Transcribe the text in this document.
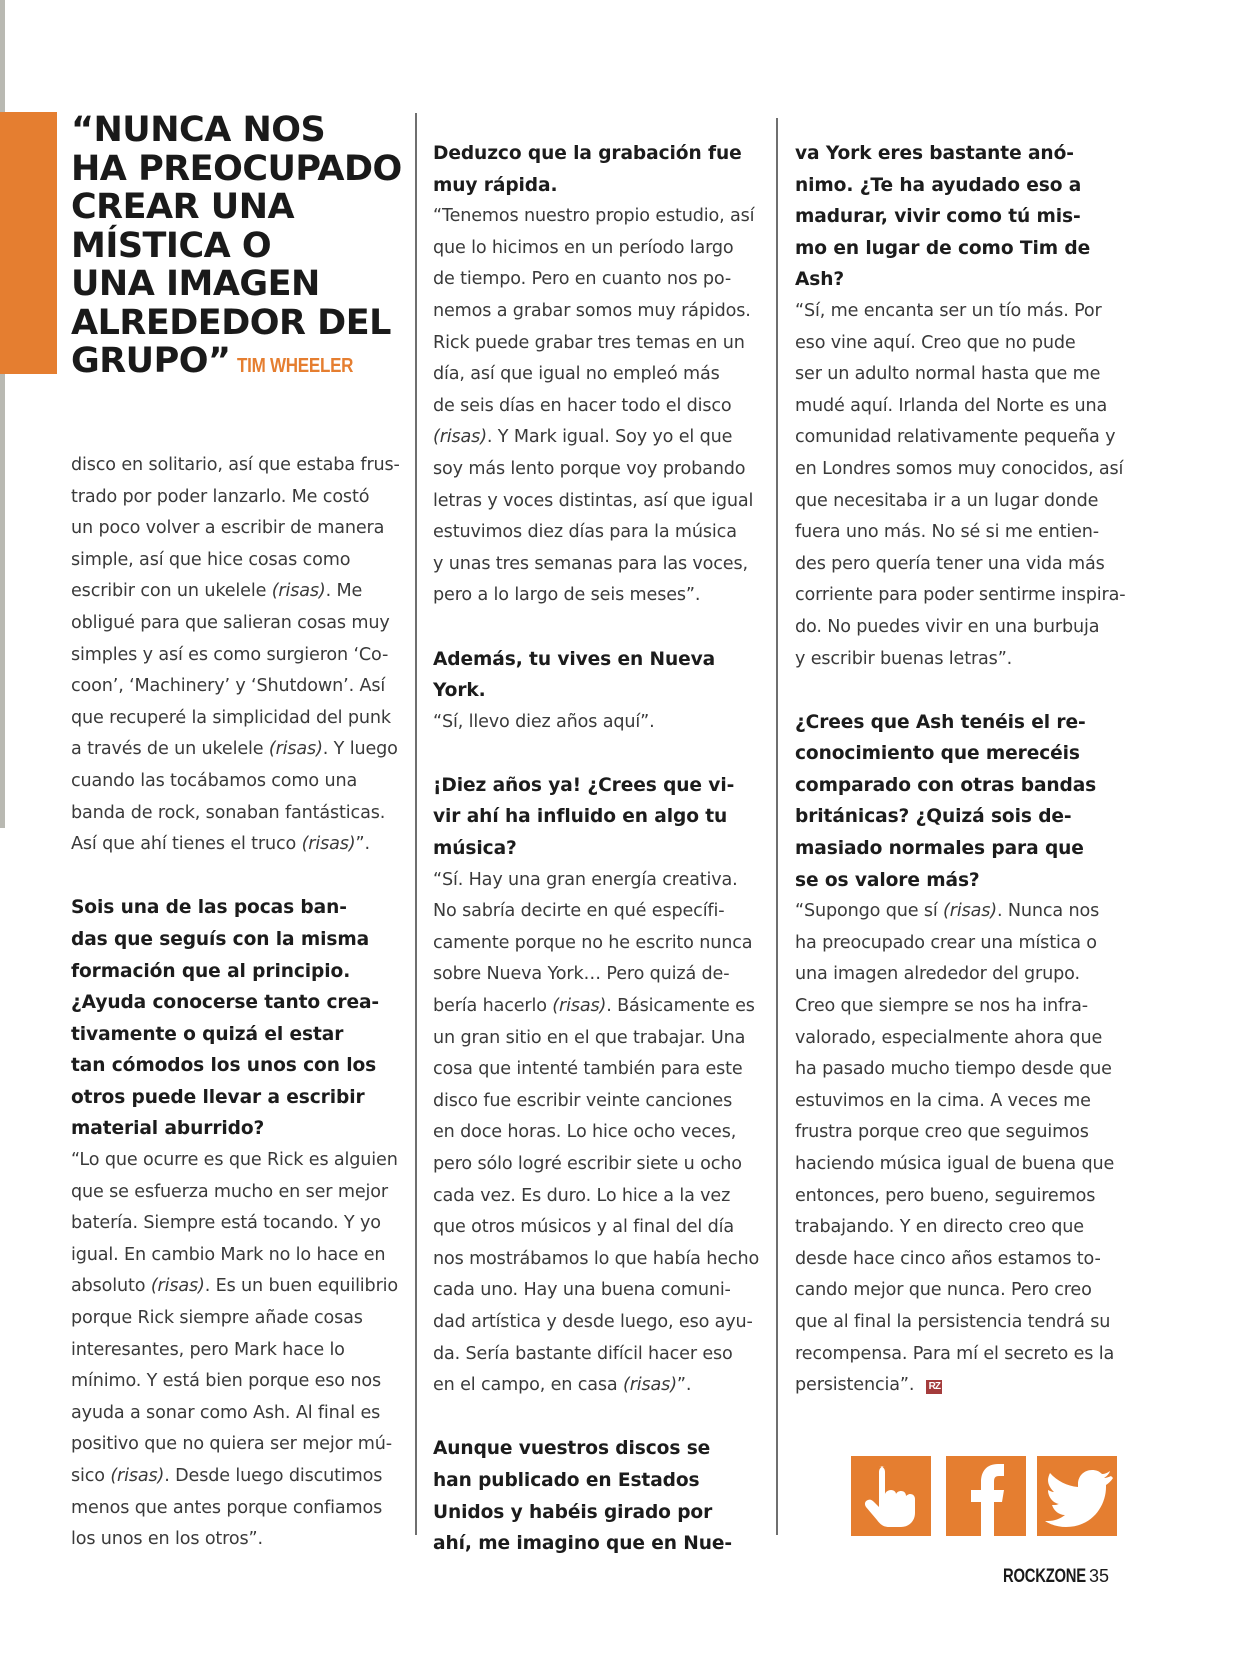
“NUNCA NOS
HA PREOCUPADO
CREAR UNA
MÍSTICA O
UNA IMAGEN
ALREDEDOR DEL
GRUPO” TIM WHEELER
disco en solitario, así que estaba frus-
trado por poder lanzarlo. Me costó
un poco volver a escribir de manera
simple, así que hice cosas como
escribir con un ukelele (risas). Me
obligué para que salieran cosas muy
simples y así es como surgieron ‘Co-
coon’, ‘Machinery’ y ‘Shutdown’. Así
que recuperé la simplicidad del punk
a través de un ukelele (risas). Y luego
cuando las tocábamos como una
banda de rock, sonaban fantásticas.
Así que ahí tienes el truco (risas)”.
Sois una de las pocas ban-
das que seguís con la misma
formación que al principio.
¿Ayuda conocerse tanto crea-
tivamente o quizá el estar
tan cómodos los unos con los
otros puede llevar a escribir
material aburrido?
“Lo que ocurre es que Rick es alguien
que se esfuerza mucho en ser mejor
batería. Siempre está tocando. Y yo
igual. En cambio Mark no lo hace en
absoluto (risas). Es un buen equilibrio
porque Rick siempre añade cosas
interesantes, pero Mark hace lo
mínimo. Y está bien porque eso nos
ayuda a sonar como Ash. Al final es
positivo que no quiera ser mejor mú-
sico (risas). Desde luego discutimos
menos que antes porque confiamos
los unos en los otros”.
Deduzco que la grabación fue
muy rápida.
“Tenemos nuestro propio estudio, así
que lo hicimos en un período largo
de tiempo. Pero en cuanto nos po-
nemos a grabar somos muy rápidos.
Rick puede grabar tres temas en un
día, así que igual no empleó más
de seis días en hacer todo el disco
(risas). Y Mark igual. Soy yo el que
soy más lento porque voy probando
letras y voces distintas, así que igual
estuvimos diez días para la música
y unas tres semanas para las voces,
pero a lo largo de seis meses”.
Además, tu vives en Nueva
York.
“Sí, llevo diez años aquí”.
¡Diez años ya! ¿Crees que vi-
vir ahí ha influido en algo tu
música?
“Sí. Hay una gran energía creativa.
No sabría decirte en qué específi-
camente porque no he escrito nunca
sobre Nueva York… Pero quizá de-
bería hacerlo (risas). Básicamente es
un gran sitio en el que trabajar. Una
cosa que intenté también para este
disco fue escribir veinte canciones
en doce horas. Lo hice ocho veces,
pero sólo logré escribir siete u ocho
cada vez. Es duro. Lo hice a la vez
que otros músicos y al final del día
nos mostrábamos lo que había hecho
cada uno. Hay una buena comuni-
dad artística y desde luego, eso ayu-
da. Sería bastante difícil hacer eso
en el campo, en casa (risas)”.
Aunque vuestros discos se
han publicado en Estados
Unidos y habéis girado por
ahí, me imagino que en Nue-
va York eres bastante anó-
nimo. ¿Te ha ayudado eso a
madurar, vivir como tú mis-
mo en lugar de como Tim de
Ash?
“Sí, me encanta ser un tío más. Por
eso vine aquí. Creo que no pude
ser un adulto normal hasta que me
mudé aquí. Irlanda del Norte es una
comunidad relativamente pequeña y
en Londres somos muy conocidos, así
que necesitaba ir a un lugar donde
fuera uno más. No sé si me entien-
des pero quería tener una vida más
corriente para poder sentirme inspira-
do. No puedes vivir en una burbuja
y escribir buenas letras”.
¿Crees que Ash tenéis el re-
conocimiento que merecéis
comparado con otras bandas
británicas? ¿Quizá sois de-
masiado normales para que
se os valore más?
“Supongo que sí (risas). Nunca nos
ha preocupado crear una mística o
una imagen alrededor del grupo.
Creo que siempre se nos ha infra-
valorado, especialmente ahora que
ha pasado mucho tiempo desde que
estuvimos en la cima. A veces me
frustra porque creo que seguimos
haciendo música igual de buena que
entonces, pero bueno, seguiremos
trabajando. Y en directo creo que
desde hace cinco años estamos to-
cando mejor que nunca. Pero creo
que al final la persistencia tendrá su
recompensa. Para mí el secreto es la
persistencia”. RZ
ROCKZONE 35
